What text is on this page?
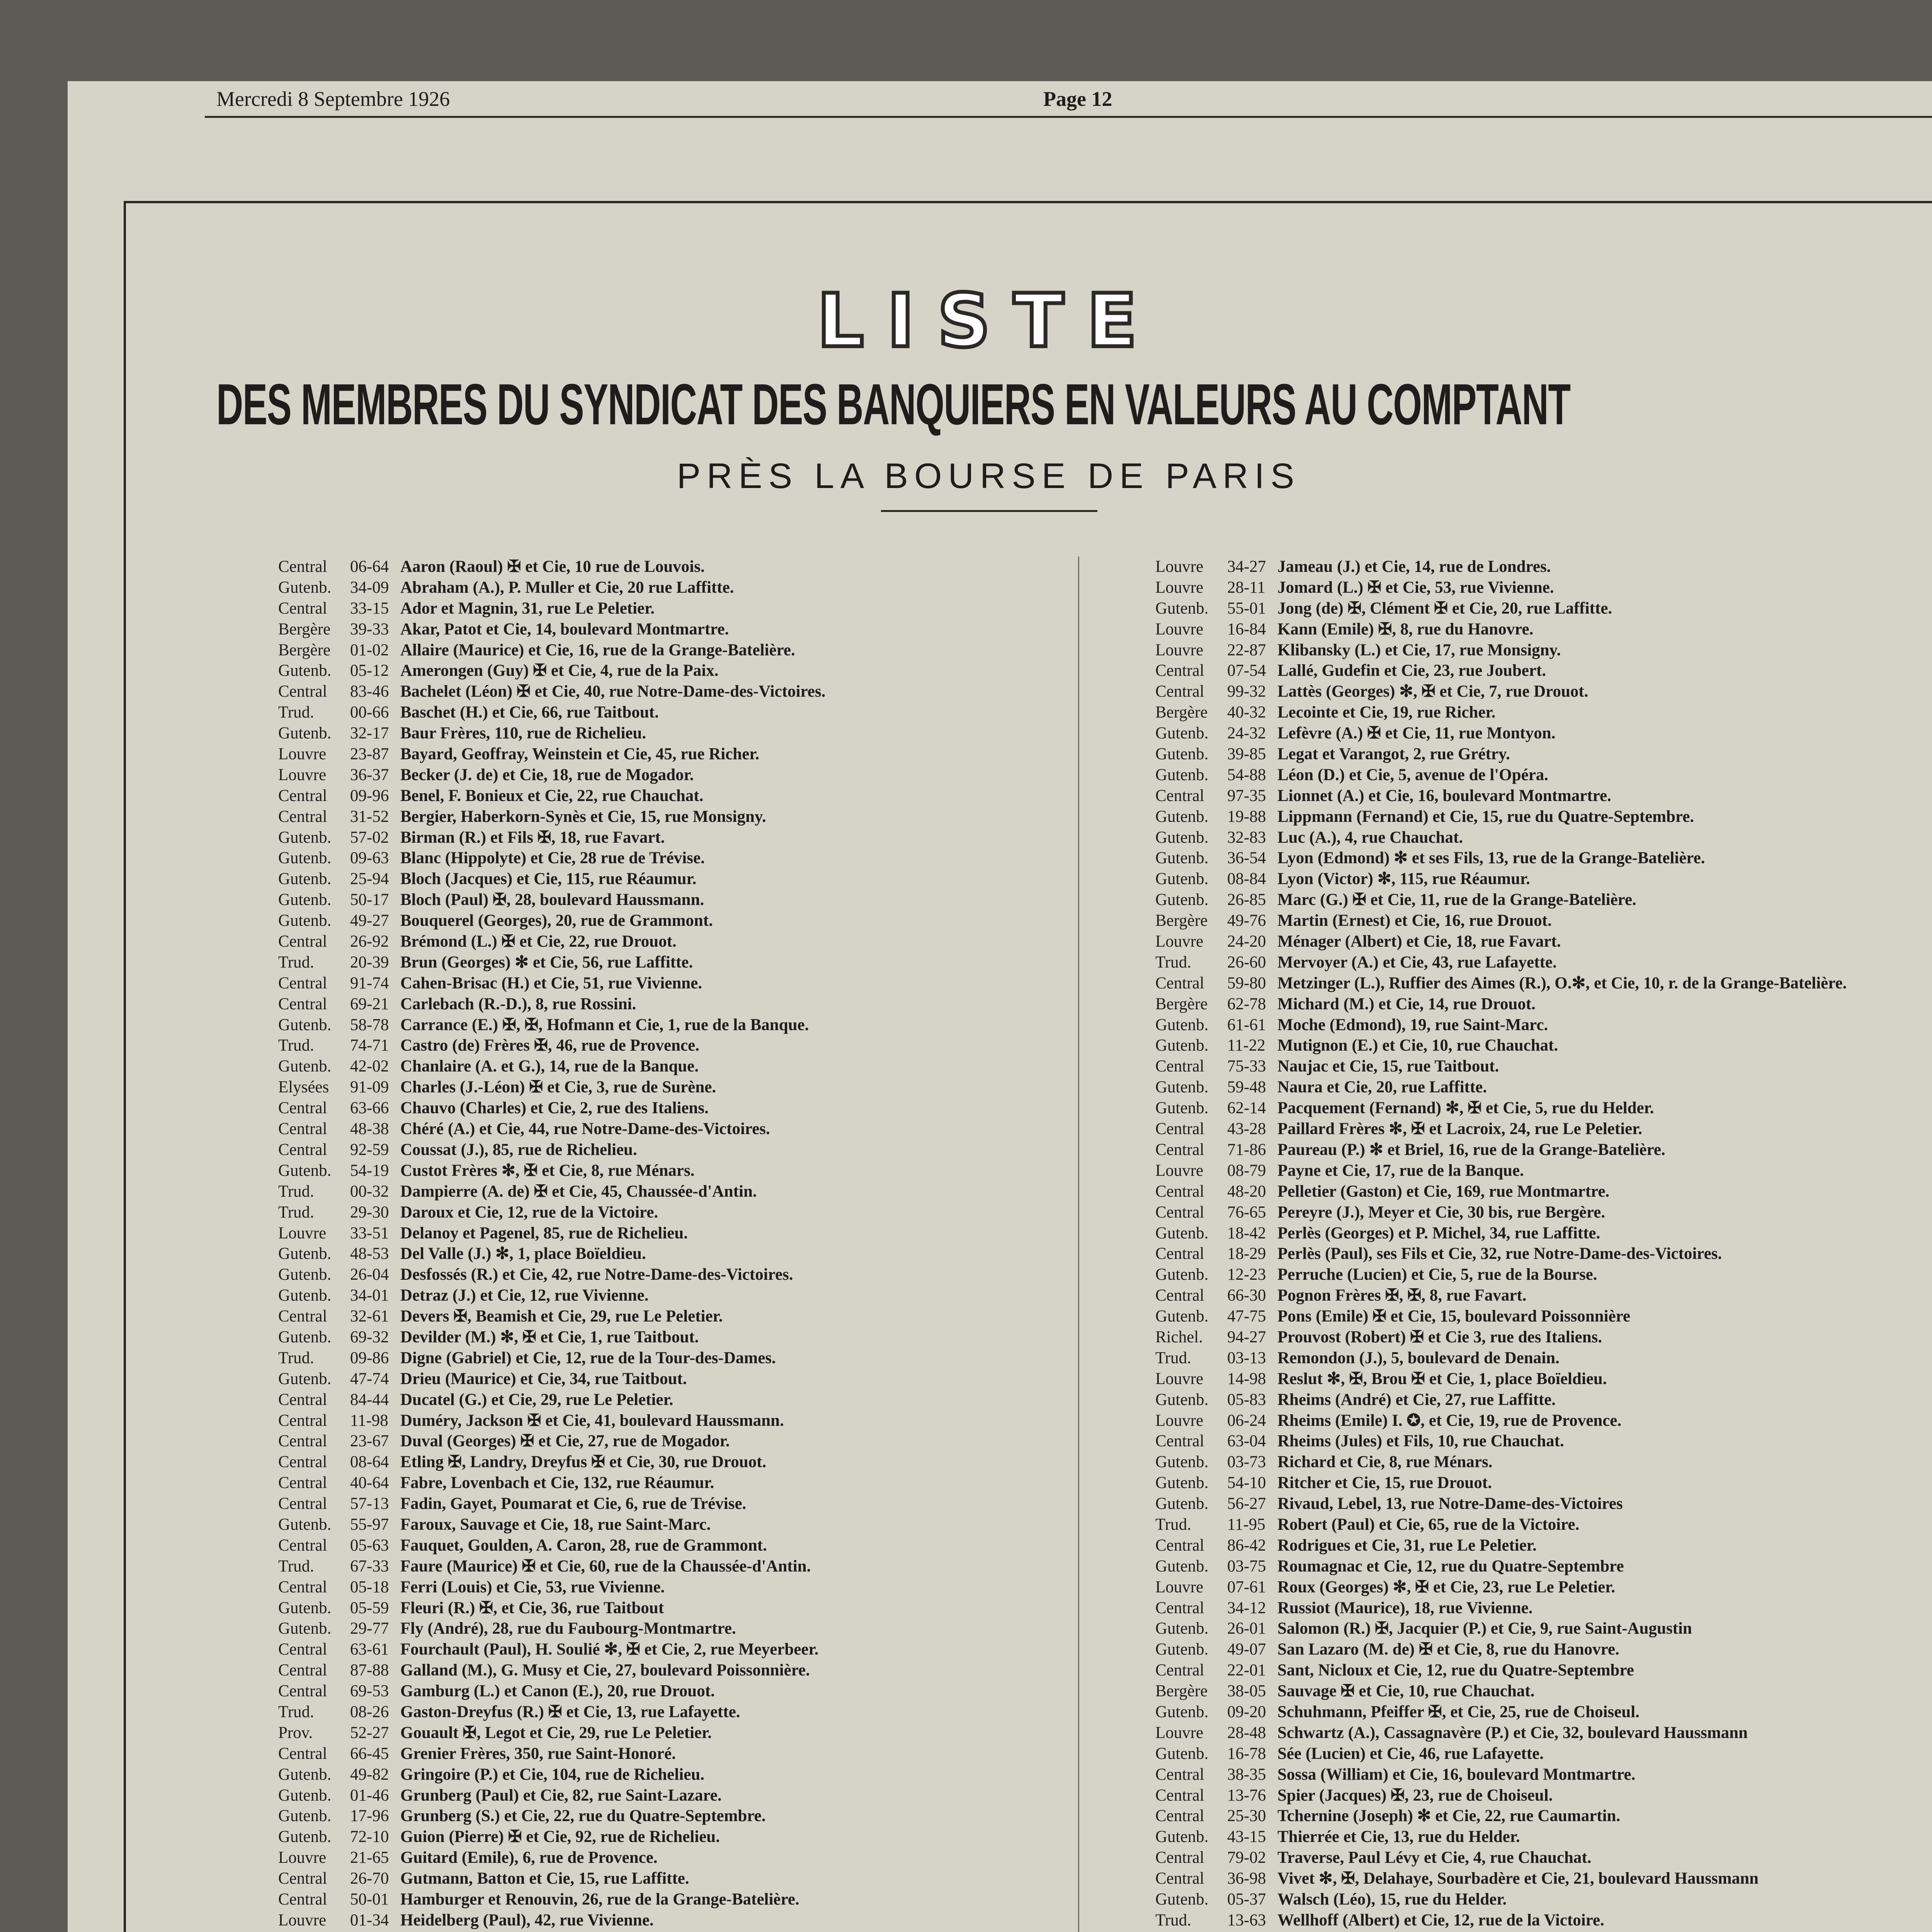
Mercredi 8 Septembre 1926	Page 12
LISTE
DES MEMBRES DU SYNDICAT DES BANQUIERS EN VALEURS AU COMPTANT
PRÈS LA BOURSE DE PARIS
Central 06-64 Aaron (Raoul) ✠ et Cie, 10 rue de Louvois.
Gutenb. 34-09 Abraham (A.), P. Muller et Cie, 20 rue Laffitte.
Central 33-15 Ador et Magnin, 31, rue Le Peletier.
Bergère 39-33 Akar, Patot et Cie, 14, boulevard Montmartre.
Bergère 01-02 Allaire (Maurice) et Cie, 16, rue de la Grange-Batelière.
Gutenb. 05-12 Amerongen (Guy) ✠ et Cie, 4, rue de la Paix.
Central 83-46 Bachelet (Léon) ✠ et Cie, 40, rue Notre-Dame-des-Victoires.
Trud. 00-66 Baschet (H.) et Cie, 66, rue Taitbout.
Gutenb. 32-17 Baur Frères, 110, rue de Richelieu.
Louvre 23-87 Bayard, Geoffray, Weinstein et Cie, 45, rue Richer.
Louvre 36-37 Becker (J. de) et Cie, 18, rue de Mogador.
Central 09-96 Benel, F. Bonieux et Cie, 22, rue Chauchat.
Central 31-52 Bergier, Haberkorn-Synès et Cie, 15, rue Monsigny.
Gutenb. 57-02 Birman (R.) et Fils ✠, 18, rue Favart.
Gutenb. 09-63 Blanc (Hippolyte) et Cie, 28 rue de Trévise.
Gutenb. 25-94 Bloch (Jacques) et Cie, 115, rue Réaumur.
Gutenb. 50-17 Bloch (Paul) ✠, 28, boulevard Haussmann.
Gutenb. 49-27 Bouquerel (Georges), 20, rue de Grammont.
Central 26-92 Brémond (L.) ✠ et Cie, 22, rue Drouot.
Trud. 20-39 Brun (Georges) ✻ et Cie, 56, rue Laffitte.
Central 91-74 Cahen-Brisac (H.) et Cie, 51, rue Vivienne.
Central 69-21 Carlebach (R.-D.), 8, rue Rossini.
Gutenb. 58-78 Carrance (E.) ✠, ✠, Hofmann et Cie, 1, rue de la Banque.
Trud. 74-71 Castro (de) Frères ✠, 46, rue de Provence.
Gutenb. 42-02 Chanlaire (A. et G.), 14, rue de la Banque.
Elysées 91-09 Charles (J.-Léon) ✠ et Cie, 3, rue de Surène.
Central 63-66 Chauvo (Charles) et Cie, 2, rue des Italiens.
Central 48-38 Chéré (A.) et Cie, 44, rue Notre-Dame-des-Victoires.
Central 92-59 Coussat (J.), 85, rue de Richelieu.
Gutenb. 54-19 Custot Frères ✻, ✠ et Cie, 8, rue Ménars.
Trud. 00-32 Dampierre (A. de) ✠ et Cie, 45, Chaussée-d'Antin.
Trud. 29-30 Daroux et Cie, 12, rue de la Victoire.
Louvre 33-51 Delanoy et Pagenel, 85, rue de Richelieu.
Gutenb. 48-53 Del Valle (J.) ✻, 1, place Boïeldieu.
Gutenb. 26-04 Desfossés (R.) et Cie, 42, rue Notre-Dame-des-Victoires.
Gutenb. 34-01 Detraz (J.) et Cie, 12, rue Vivienne.
Central 32-61 Devers ✠, Beamish et Cie, 29, rue Le Peletier.
Gutenb. 69-32 Devilder (M.) ✻, ✠ et Cie, 1, rue Taitbout.
Trud. 09-86 Digne (Gabriel) et Cie, 12, rue de la Tour-des-Dames.
Gutenb. 47-74 Drieu (Maurice) et Cie, 34, rue Taitbout.
Central 84-44 Ducatel (G.) et Cie, 29, rue Le Peletier.
Central 11-98 Duméry, Jackson ✠ et Cie, 41, boulevard Haussmann.
Central 23-67 Duval (Georges) ✠ et Cie, 27, rue de Mogador.
Central 08-64 Etling ✠, Landry, Dreyfus ✠ et Cie, 30, rue Drouot.
Central 40-64 Fabre, Lovenbach et Cie, 132, rue Réaumur.
Central 57-13 Fadin, Gayet, Poumarat et Cie, 6, rue de Trévise.
Gutenb. 55-97 Faroux, Sauvage et Cie, 18, rue Saint-Marc.
Central 05-63 Fauquet, Goulden, A. Caron, 28, rue de Grammont.
Trud. 67-33 Faure (Maurice) ✠ et Cie, 60, rue de la Chaussée-d'Antin.
Central 05-18 Ferri (Louis) et Cie, 53, rue Vivienne.
Gutenb. 05-59 Fleuri (R.) ✠, et Cie, 36, rue Taitbout
Gutenb. 29-77 Fly (André), 28, rue du Faubourg-Montmartre.
Central 63-61 Fourchault (Paul), H. Soulié ✻, ✠ et Cie, 2, rue Meyerbeer.
Central 87-88 Galland (M.), G. Musy et Cie, 27, boulevard Poissonnière.
Central 69-53 Gamburg (L.) et Canon (E.), 20, rue Drouot.
Trud. 08-26 Gaston-Dreyfus (R.) ✠ et Cie, 13, rue Lafayette.
Prov. 52-27 Gouault ✠, Legot et Cie, 29, rue Le Peletier.
Central 66-45 Grenier Frères, 350, rue Saint-Honoré.
Gutenb. 49-82 Gringoire (P.) et Cie, 104, rue de Richelieu.
Gutenb. 01-46 Grunberg (Paul) et Cie, 82, rue Saint-Lazare.
Gutenb. 17-96 Grunberg (S.) et Cie, 22, rue du Quatre-Septembre.
Gutenb. 72-10 Guion (Pierre) ✠ et Cie, 92, rue de Richelieu.
Louvre 21-65 Guitard (Emile), 6, rue de Provence.
Central 26-70 Gutmann, Batton et Cie, 15, rue Laffitte.
Central 50-01 Hamburger et Renouvin, 26, rue de la Grange-Batelière.
Louvre 01-34 Heidelberg (Paul), 42, rue Vivienne.
Louvre 34-27 Jameau (J.) et Cie, 14, rue de Londres.
Louvre 28-11 Jomard (L.) ✠ et Cie, 53, rue Vivienne.
Gutenb. 55-01 Jong (de) ✠, Clément ✠ et Cie, 20, rue Laffitte.
Louvre 16-84 Kann (Emile) ✠, 8, rue du Hanovre.
Louvre 22-87 Klibansky (L.) et Cie, 17, rue Monsigny.
Central 07-54 Lallé, Gudefin et Cie, 23, rue Joubert.
Central 99-32 Lattès (Georges) ✻, ✠ et Cie, 7, rue Drouot.
Bergère 40-32 Lecointe et Cie, 19, rue Richer.
Gutenb. 24-32 Lefèvre (A.) ✠ et Cie, 11, rue Montyon.
Gutenb. 39-85 Legat et Varangot, 2, rue Grétry.
Gutenb. 54-88 Léon (D.) et Cie, 5, avenue de l'Opéra.
Central 97-35 Lionnet (A.) et Cie, 16, boulevard Montmartre.
Gutenb. 19-88 Lippmann (Fernand) et Cie, 15, rue du Quatre-Septembre.
Gutenb. 32-83 Luc (A.), 4, rue Chauchat.
Gutenb. 36-54 Lyon (Edmond) ✻ et ses Fils, 13, rue de la Grange-Batelière.
Gutenb. 08-84 Lyon (Victor) ✻, 115, rue Réaumur.
Gutenb. 26-85 Marc (G.) ✠ et Cie, 11, rue de la Grange-Batelière.
Bergère 49-76 Martin (Ernest) et Cie, 16, rue Drouot.
Louvre 24-20 Ménager (Albert) et Cie, 18, rue Favart.
Trud. 26-60 Mervoyer (A.) et Cie, 43, rue Lafayette.
Central 59-80 Metzinger (L.), Ruffier des Aimes (R.), O.✻, et Cie, 10, r. de la Grange-Batelière.
Bergère 62-78 Michard (M.) et Cie, 14, rue Drouot.
Gutenb. 61-61 Moche (Edmond), 19, rue Saint-Marc.
Gutenb. 11-22 Mutignon (E.) et Cie, 10, rue Chauchat.
Central 75-33 Naujac et Cie, 15, rue Taitbout.
Gutenb. 59-48 Naura et Cie, 20, rue Laffitte.
Gutenb. 62-14 Pacquement (Fernand) ✻, ✠ et Cie, 5, rue du Helder.
Central 43-28 Paillard Frères ✻, ✠ et Lacroix, 24, rue Le Peletier.
Central 71-86 Paureau (P.) ✻ et Briel, 16, rue de la Grange-Batelière.
Louvre 08-79 Payne et Cie, 17, rue de la Banque.
Central 48-20 Pelletier (Gaston) et Cie, 169, rue Montmartre.
Central 76-65 Pereyre (J.), Meyer et Cie, 30 bis, rue Bergère.
Gutenb. 18-42 Perlès (Georges) et P. Michel, 34, rue Laffitte.
Central 18-29 Perlès (Paul), ses Fils et Cie, 32, rue Notre-Dame-des-Victoires.
Gutenb. 12-23 Perruche (Lucien) et Cie, 5, rue de la Bourse.
Central 66-30 Pognon Frères ✠, ✠, 8, rue Favart.
Gutenb. 47-75 Pons (Emile) ✠ et Cie, 15, boulevard Poissonnière
Richel. 94-27 Prouvost (Robert) ✠ et Cie 3, rue des Italiens.
Trud. 03-13 Remondon (J.), 5, boulevard de Denain.
Louvre 14-98 Reslut ✻, ✠, Brou ✠ et Cie, 1, place Boïeldieu.
Gutenb. 05-83 Rheims (André) et Cie, 27, rue Laffitte.
Louvre 06-24 Rheims (Emile) I. ✪, et Cie, 19, rue de Provence.
Central 63-04 Rheims (Jules) et Fils, 10, rue Chauchat.
Gutenb. 03-73 Richard et Cie, 8, rue Ménars.
Gutenb. 54-10 Ritcher et Cie, 15, rue Drouot.
Gutenb. 56-27 Rivaud, Lebel, 13, rue Notre-Dame-des-Victoires
Trud. 11-95 Robert (Paul) et Cie, 65, rue de la Victoire.
Central 86-42 Rodrigues et Cie, 31, rue Le Peletier.
Gutenb. 03-75 Roumagnac et Cie, 12, rue du Quatre-Septembre
Louvre 07-61 Roux (Georges) ✻, ✠ et Cie, 23, rue Le Peletier.
Central 34-12 Russiot (Maurice), 18, rue Vivienne.
Gutenb. 26-01 Salomon (R.) ✠, Jacquier (P.) et Cie, 9, rue Saint-Augustin
Gutenb. 49-07 San Lazaro (M. de) ✠ et Cie, 8, rue du Hanovre.
Central 22-01 Sant, Nicloux et Cie, 12, rue du Quatre-Septembre
Bergère 38-05 Sauvage ✠ et Cie, 10, rue Chauchat.
Gutenb. 09-20 Schuhmann, Pfeiffer ✠, et Cie, 25, rue de Choiseul.
Louvre 28-48 Schwartz (A.), Cassagnavère (P.) et Cie, 32, boulevard Haussmann
Gutenb. 16-78 Sée (Lucien) et Cie, 46, rue Lafayette.
Central 38-35 Sossa (William) et Cie, 16, boulevard Montmartre.
Central 13-76 Spier (Jacques) ✠, 23, rue de Choiseul.
Central 25-30 Tchernine (Joseph) ✻ et Cie, 22, rue Caumartin.
Gutenb. 43-15 Thierrée et Cie, 13, rue du Helder.
Central 79-02 Traverse, Paul Lévy et Cie, 4, rue Chauchat.
Central 36-98 Vivet ✻, ✠, Delahaye, Sourbadère et Cie, 21, boulevard Haussmann
Gutenb. 05-37 Walsch (Léo), 15, rue du Helder.
Trud. 13-63 Wellhoff (Albert) et Cie, 12, rue de la Victoire.
